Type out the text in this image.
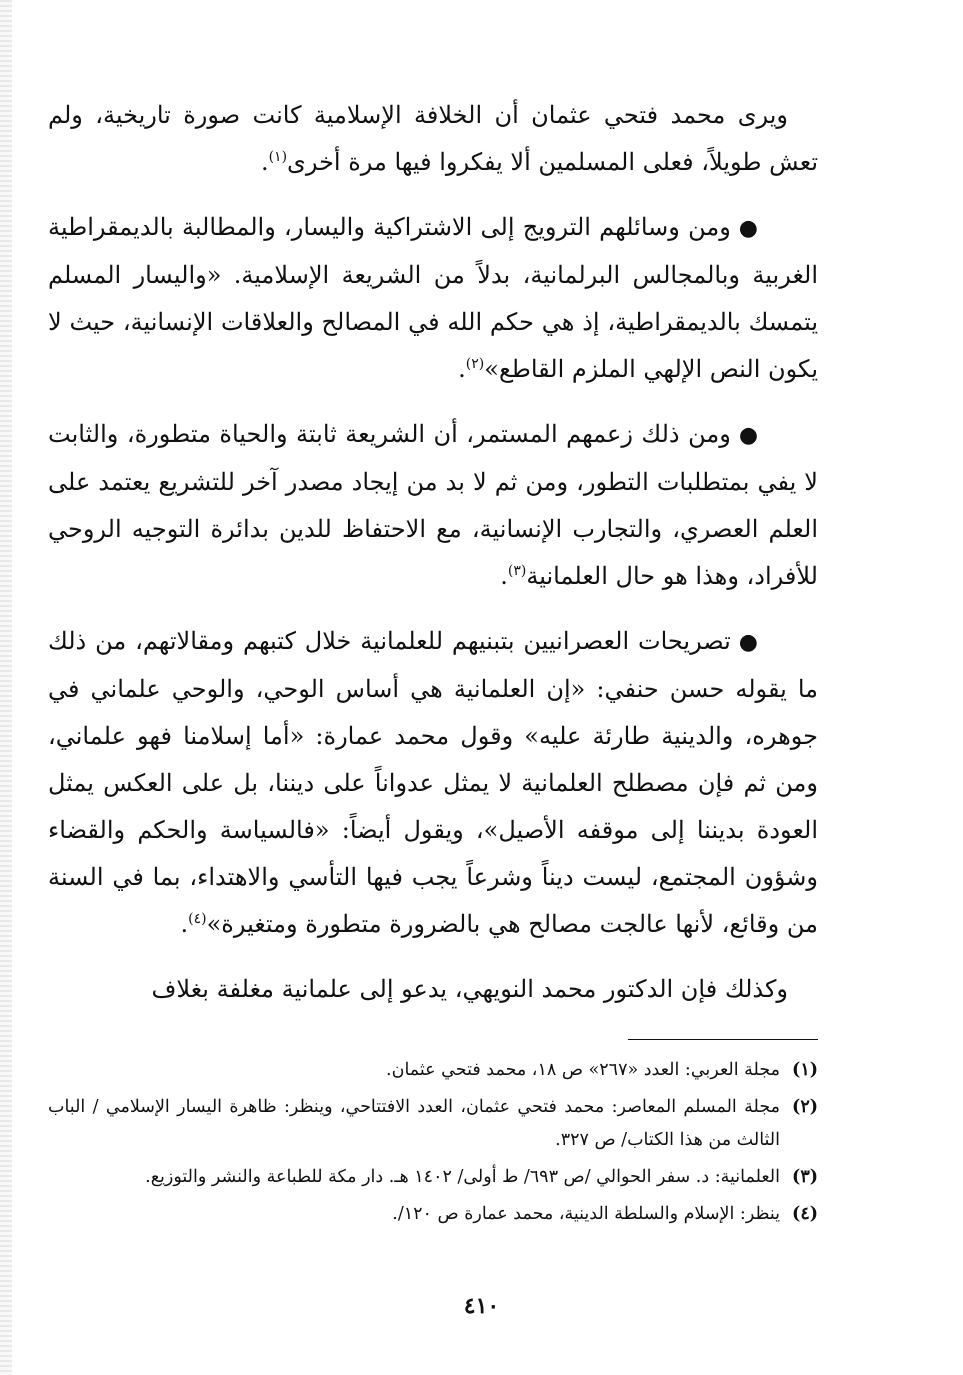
ويرى محمد فتحي عثمان أن الخلافة الإسلامية كانت صورة تاريخية، ولم تعش طويلاً، فعلى المسلمين ألا يفكروا فيها مرة أخرى$^{(١)}$.

●ومن وسائلهم الترويج إلى الاشتراكية واليسار، والمطالبة بالديمقراطية الغربية وبالمجالس البرلمانية، بدلاً من الشريعة الإسلامية. «واليسار المسلم يتمسك بالديمقراطية، إذ هي حكم الله في المصالح والعلاقات الإنسانية، حيث لا يكون النص الإلهي الملزم القاطع»$^{(٢)}$.

●ومن ذلك زعمهم المستمر، أن الشريعة ثابتة والحياة متطورة، والثابت لا يفي بمتطلبات التطور، ومن ثم لا بد من إيجاد مصدر آخر للتشريع يعتمد على العلم العصري، والتجارب الإنسانية، مع الاحتفاظ للدين بدائرة التوجيه الروحي للأفراد، وهذا هو حال العلمانية$^{(٣)}$.

●تصريحات العصرانيين بتبنيهم للعلمانية خلال كتبهم ومقالاتهم، من ذلك ما يقوله حسن حنفي: «إن العلمانية هي أساس الوحي، والوحي علماني في جوهره، والدينية طارئة عليه» وقول محمد عمارة: «أما إسلامنا فهو علماني، ومن ثم فإن مصطلح العلمانية لا يمثل عدواناً على ديننا، بل على العكس يمثل العودة بديننا إلى موقفه الأصيل»، ويقول أيضاً: «فالسياسة والحكم والقضاء وشؤون المجتمع، ليست ديناً وشرعاً يجب فيها التأسي والاهتداء، بما في السنة من وقائع، لأنها عالجت مصالح هي بالضرورة متطورة ومتغيرة»$^{(٤)}$.

وكذلك فإن الدكتور محمد النويهي، يدعو إلى علمانية مغلفة بغلاف

(١)
مجلة العربي: العدد «٢٦٧» ص ١٨، محمد فتحي عثمان.
(٢)
مجلة المسلم المعاصر: محمد فتحي عثمان، العدد الافتتاحي، وينظر: ظاهرة اليسار الإسلامي / الباب الثالث من هذا الكتاب/ ص ٣٢٧.
(٣)
العلمانية: د. سفر الحوالي /ص ٦٩٣/ ط أولى/ ١٤٠٢ هـ. دار مكة للطباعة والنشر والتوزيع.
(٤)
ينظر: الإسلام والسلطة الدينية، محمد عمارة ص ١٢٠/.
٤١٠
